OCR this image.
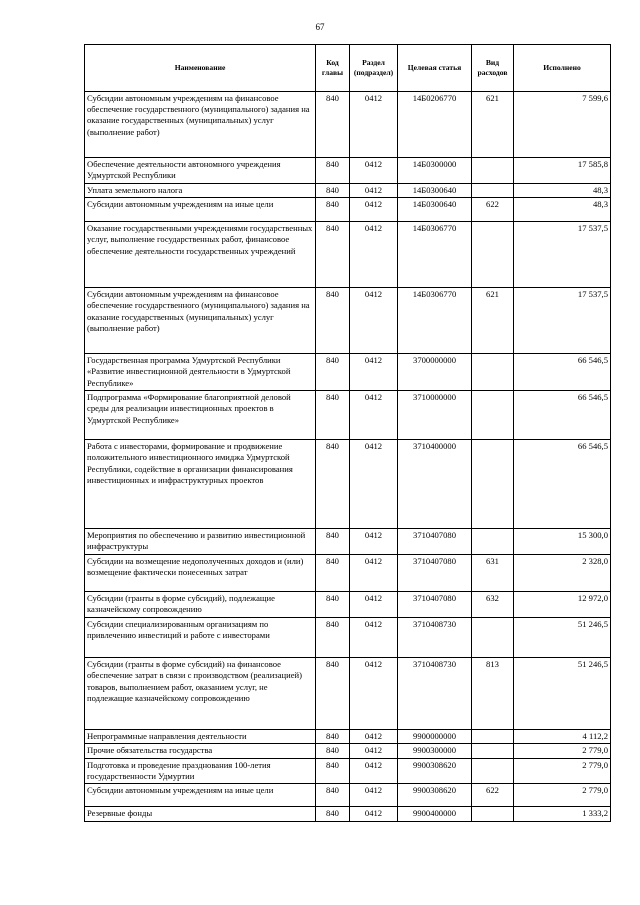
67
Наименование	Код главы	Раздел (подраздел)	Целевая статья	Вид расходов	Исполнено
Субсидии автономным учреждениям на финансовое обеспечение государственного (муниципального) задания на оказание государственных (муниципальных) услуг (выполнение работ)	840	0412	14Б0206770	621	7 599,6
Обеспечение деятельности автономного учреждения Удмуртской Республики	840	0412	14Б0300000		17 585,8
Уплата земельного налога	840	0412	14Б0300640		48,3
Субсидии автономным учреждениям на иные цели	840	0412	14Б0300640	622	48,3
Оказание государственными учреждениями государственных услуг, выполнение государственных работ, финансовое обеспечение деятельности государственных учреждений	840	0412	14Б0306770		17 537,5
Субсидии автономным учреждениям на финансовое обеспечение государственного (муниципального) задания на оказание государственных (муниципальных) услуг (выполнение работ)	840	0412	14Б0306770	621	17 537,5
Государственная программа Удмуртской Республики «Развитие инвестиционной деятельности в Удмуртской Республике»	840	0412	3700000000		66 546,5
Подпрограмма «Формирование благоприятной деловой среды для реализации инвестиционных проектов в Удмуртской Республике»	840	0412	3710000000		66 546,5
Работа с инвесторами, формирование и продвижение положительного инвестиционного имиджа Удмуртской Республики, содействие в организации финансирования инвестиционных и инфраструктурных проектов	840	0412	3710400000		66 546,5
Мероприятия по обеспечению и развитию инвестиционной инфраструктуры	840	0412	3710407080		15 300,0
Субсидии на возмещение недополученных доходов и (или) возмещение фактически понесенных затрат	840	0412	3710407080	631	2 328,0
Субсидии (гранты в форме субсидий), подлежащие казначейскому сопровождению	840	0412	3710407080	632	12 972,0
Субсидии специализированным организациям по привлечению инвестиций и работе с инвесторами	840	0412	3710408730		51 246,5
Субсидии (гранты в форме субсидий) на финансовое обеспечение затрат в связи с производством (реализацией) товаров, выполнением работ, оказанием услуг, не подлежащие казначейскому сопровождению	840	0412	3710408730	813	51 246,5
Непрограммные направления деятельности	840	0412	9900000000		4 112,2
Прочие обязательства государства	840	0412	9900300000		2 779,0
Подготовка и проведение празднования 100-летия государственности Удмуртии	840	0412	9900308620		2 779,0
Субсидии автономным учреждениям на иные цели	840	0412	9900308620	622	2 779,0
Резервные фонды	840	0412	9900400000		1 333,2
